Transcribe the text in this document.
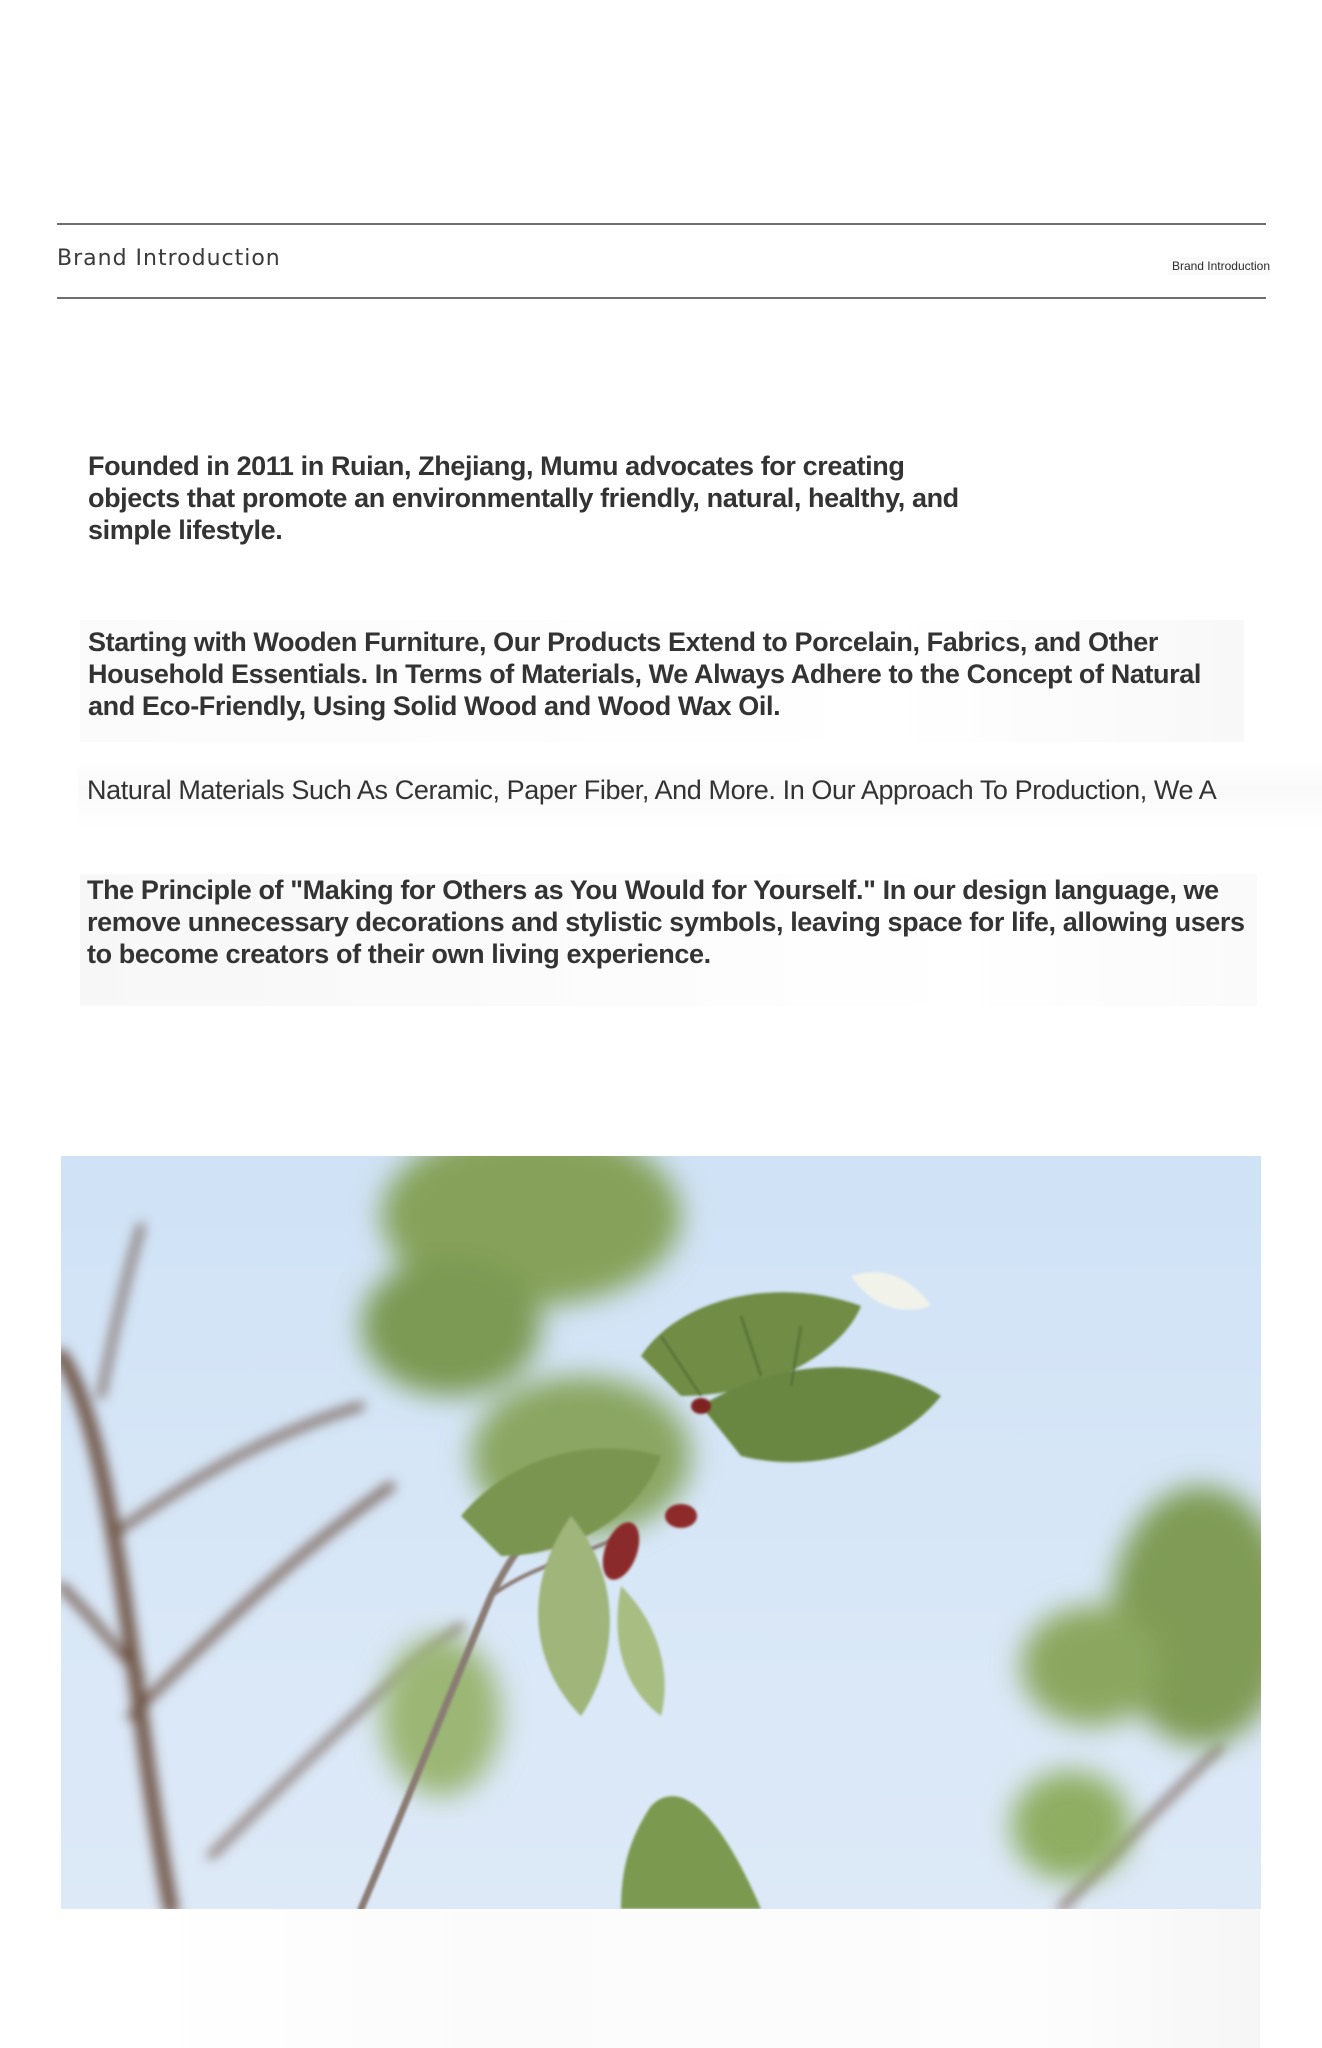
Brand Introduction	Brand Introduction

Founded in 2011 in Ruian, Zhejiang, Mumu advocates for creating objects that promote an environmentally friendly, natural, healthy, and simple lifestyle.

Starting with Wooden Furniture, Our Products Extend to Porcelain, Fabrics, and Other Household Essentials. In Terms of Materials, We Always Adhere to the Concept of Natural and Eco-Friendly, Using Solid Wood and Wood Wax Oil.

Natural Materials Such As Ceramic, Paper Fiber, And More. In Our Approach To Production, We A

The Principle of "Making for Others as You Would for Yourself." In our design language, we remove unnecessary decorations and stylistic symbols, leaving space for life, allowing users to become creators of their own living experience.
